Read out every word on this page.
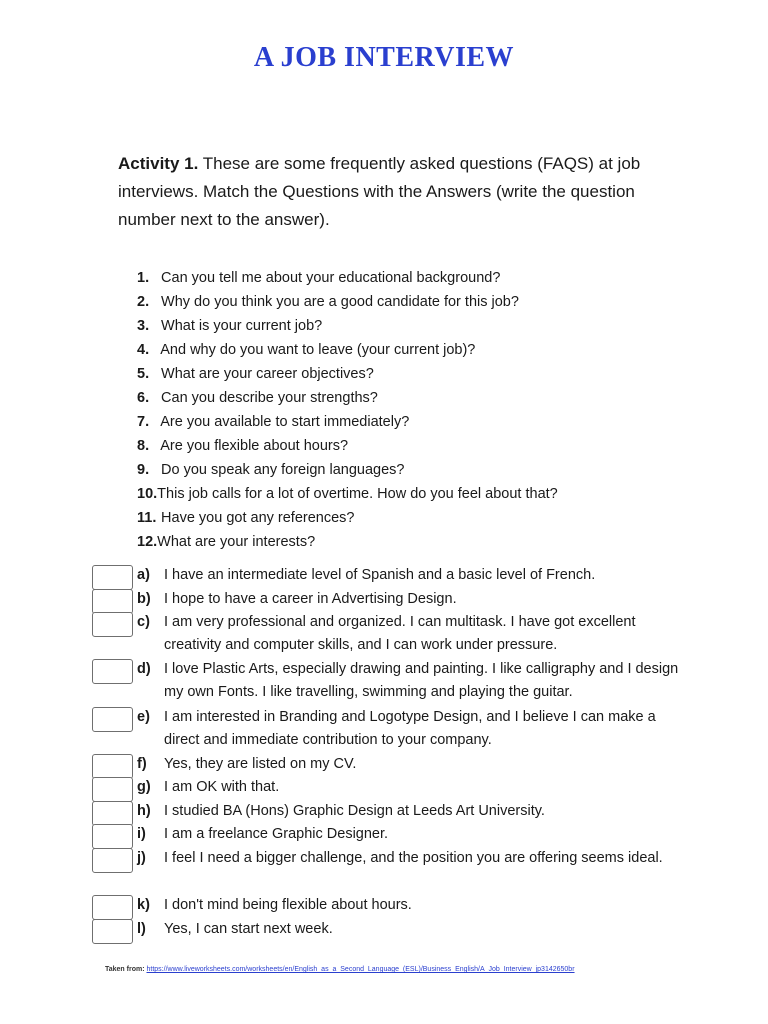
A JOB INTERVIEW
Activity 1. These are some frequently asked questions (FAQS) at job interviews. Match the Questions with the Answers (write the question number next to the answer).
1. Can you tell me about your educational background?
2. Why do you think you are a good candidate for this job?
3. What is your current job?
4. And why do you want to leave (your current job)?
5. What are your career objectives?
6. Can you describe your strengths?
7. Are you available to start immediately?
8. Are you flexible about hours?
9. Do you speak any foreign languages?
10.This job calls for a lot of overtime. How do you feel about that?
11. Have you got any references?
12.What are your interests?
a) I have an intermediate level of Spanish and a basic level of French.
b) I hope to have a career in Advertising Design.
c) I am very professional and organized. I can multitask. I have got excellent creativity and computer skills, and I can work under pressure.
d) I love Plastic Arts, especially drawing and painting. I like calligraphy and I design my own Fonts. I like travelling, swimming and playing the guitar.
e) I am interested in Branding and Logotype Design, and I believe I can make a direct and immediate contribution to your company.
f) Yes, they are listed on my CV.
g) I am OK with that.
h) I studied BA (Hons) Graphic Design at Leeds Art University.
i) I am a freelance Graphic Designer.
j) I feel I need a bigger challenge, and the position you are offering seems ideal.
k) I don't mind being flexible about hours.
l) Yes, I can start next week.
Taken from: https://www.liveworksheets.com/worksheets/en/English_as_a_Second_Language_(ESL)/Business_English/A_Job_Interview_jp3142650br
